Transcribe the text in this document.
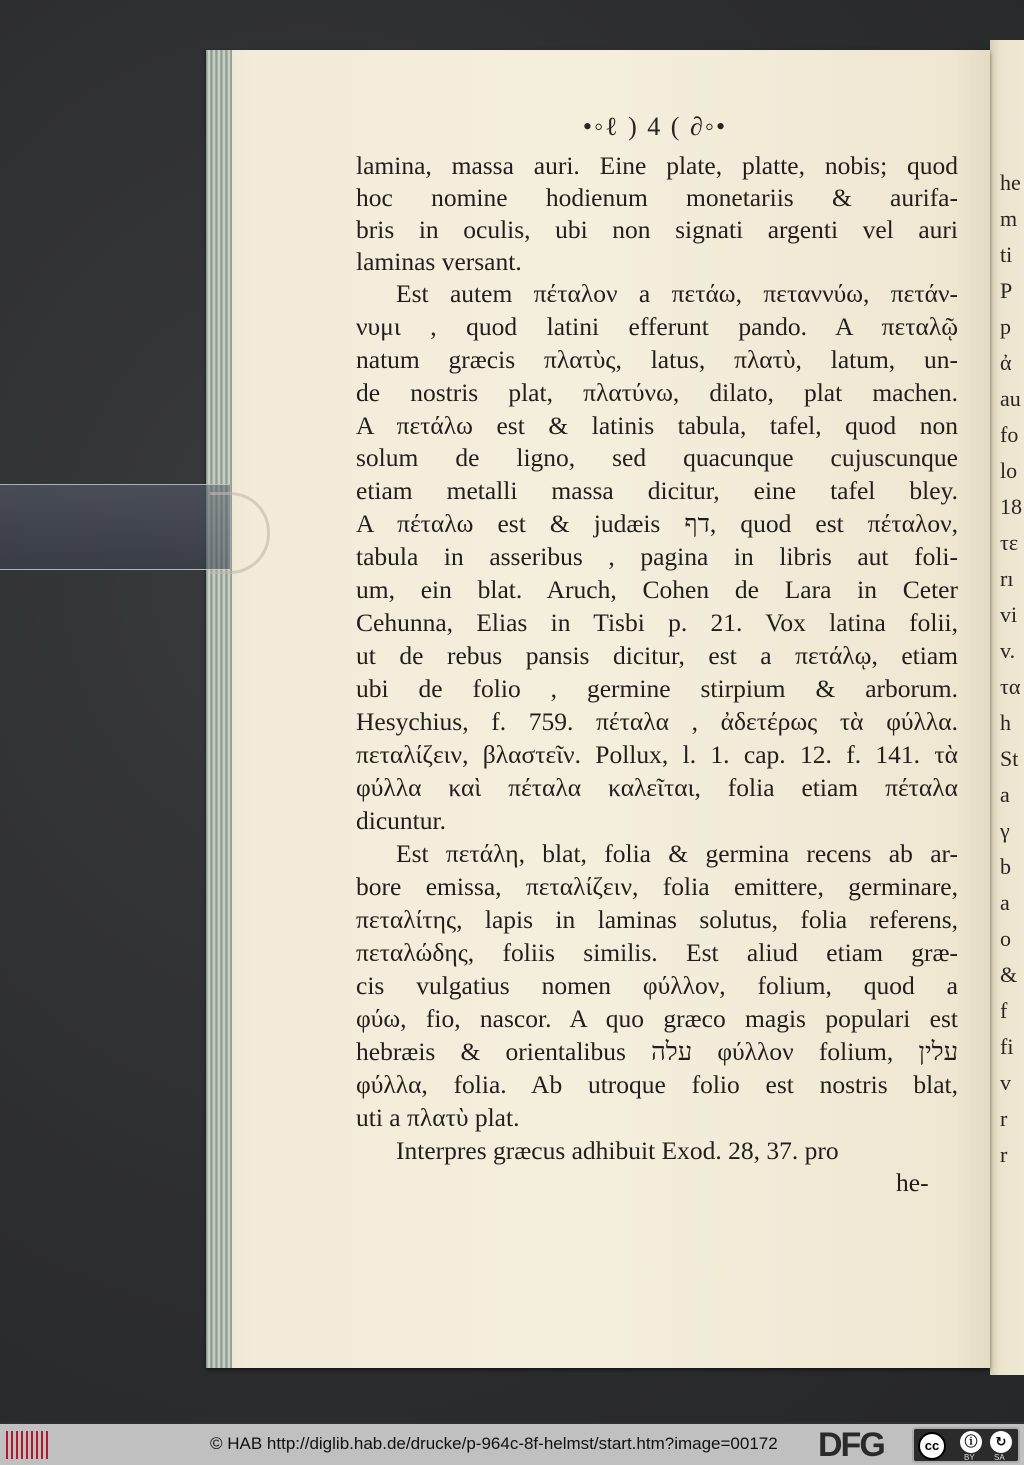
he
m
ti
P
p
ἀ
au
fo
lo
18
τε
rı
vi
v.
τα
h
St
a
γ
b
a
o
&
f
fi
v
r
r
•◦ℓ ) 4 ( ∂◦•
lamina, massa auri. Eine plate, platte, nobis; quod
hoc nomine hodienum monetariis & aurifa-
bris in oculis, ubi non signati argenti vel auri
laminas versant.
Est autem πέταλον a πετάω, πεταννύω, πετάν-
νυμι , quod latini efferunt pando. A πεταλῷ
natum græcis πλατὺς, latus, πλατὺ, latum, un-
de nostris plat, πλατύνω, dilato, plat machen.
A πετάλω est & latinis tabula, tafel, quod non
solum de ligno, sed quacunque cujuscunque
etiam metalli massa dicitur, eine tafel bley.
A πέταλω est & judæis דף, quod est πέταλον,
tabula in asseribus , pagina in libris aut foli-
um, ein blat. Aruch, Cohen de Lara in Ceter
Cehunna, Elias in Tisbi p. 21. Vox latina folii,
ut de rebus pansis dicitur, est a πετάλῳ, etiam
ubi de folio , germine stirpium & arborum.
Hesychius, f. 759. πέταλα , ἀδετέρως τὰ φύλλα.
πεταλίζειν, βλαστεῖν. Pollux, l. 1. cap. 12. f. 141. τὰ
φύλλα καὶ πέταλα καλεῖται, folia etiam πέταλα
dicuntur.
Est πετάλη, blat, folia & germina recens ab ar-
bore emissa, πεταλίζειν, folia emittere, germinare,
πεταλίτης, lapis in laminas solutus, folia referens,
πεταλώδης, foliis similis. Est aliud etiam græ-
cis vulgatius nomen φύλλον, folium, quod a
φύω, fio, nascor. A quo græco magis populari est
hebræis & orientalibus עלה φύλλον folium, עלין
φύλλα, folia. Ab utroque folio est nostris blat,
uti a πλατὺ plat.
Interpres græcus adhibuit Exod. 28, 37. pro
he-
© HAB http://diglib.hab.de/drucke/p-964c-8f-helmst/start.htm?image=00172 DFG	cc	ⓘ	↻
BY SA
